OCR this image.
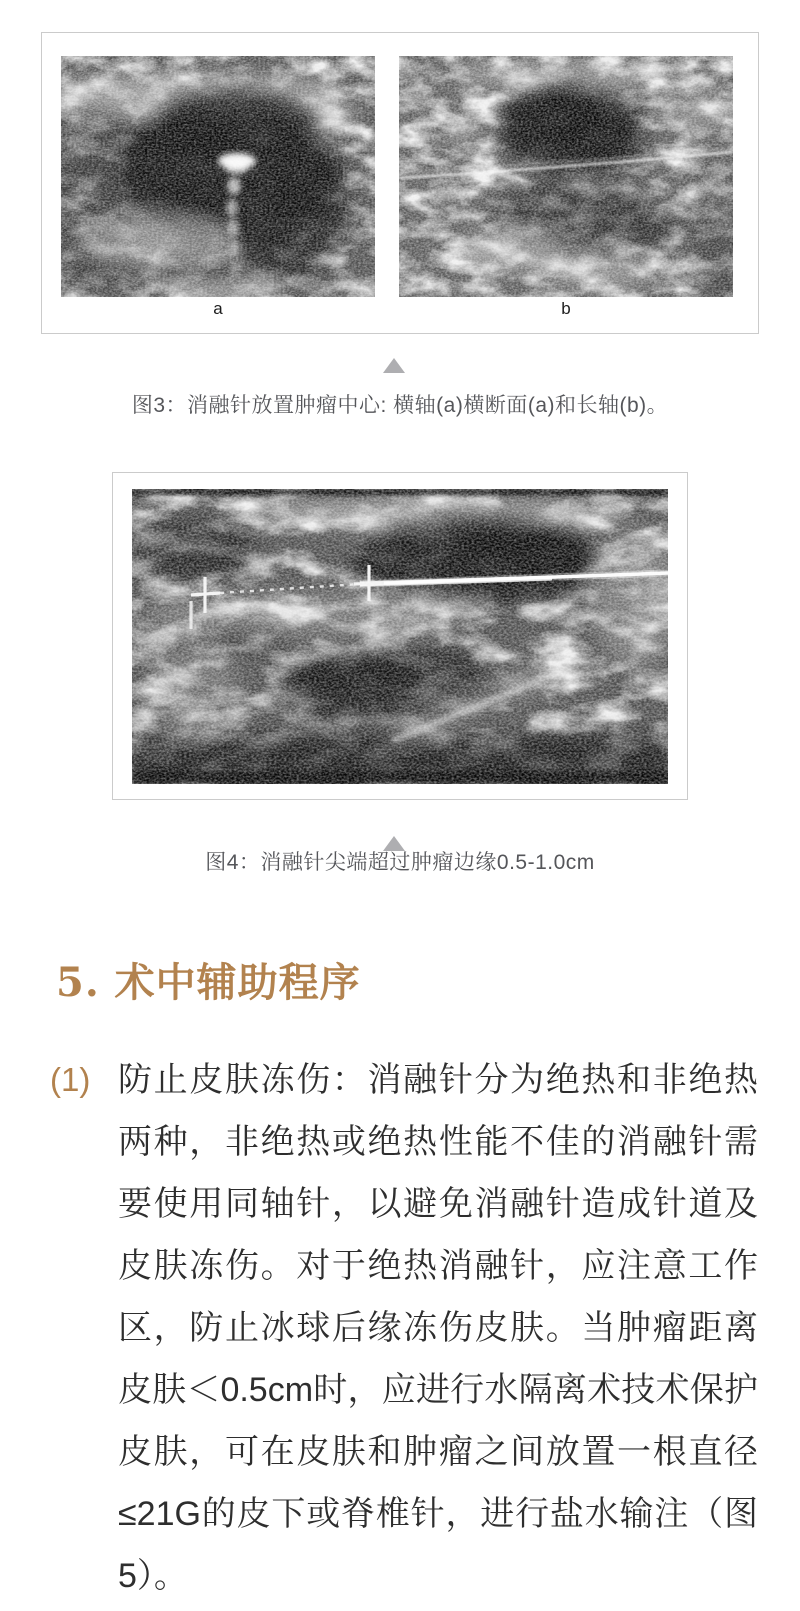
a	b
图3：消融针放置肿瘤中心: 横轴(a)横断面(a)和长轴(b)。
图4：消融针尖端超过肿瘤边缘0.5-1.0cm
5. 术中辅助程序
(1) 防止皮肤冻伤：消融针分为绝热和非绝热两种，非绝热或绝热性能不佳的消融针需要使用同轴针，以避免消融针造成针道及皮肤冻伤。对于绝热消融针，应注意工作区，防止冰球后缘冻伤皮肤。当肿瘤距离皮肤＜0.5cm时，应进行水隔离术技术保护皮肤，可在皮肤和肿瘤之间放置一根直径≤21G的皮下或脊椎针，进行盐水输注（图5）。
